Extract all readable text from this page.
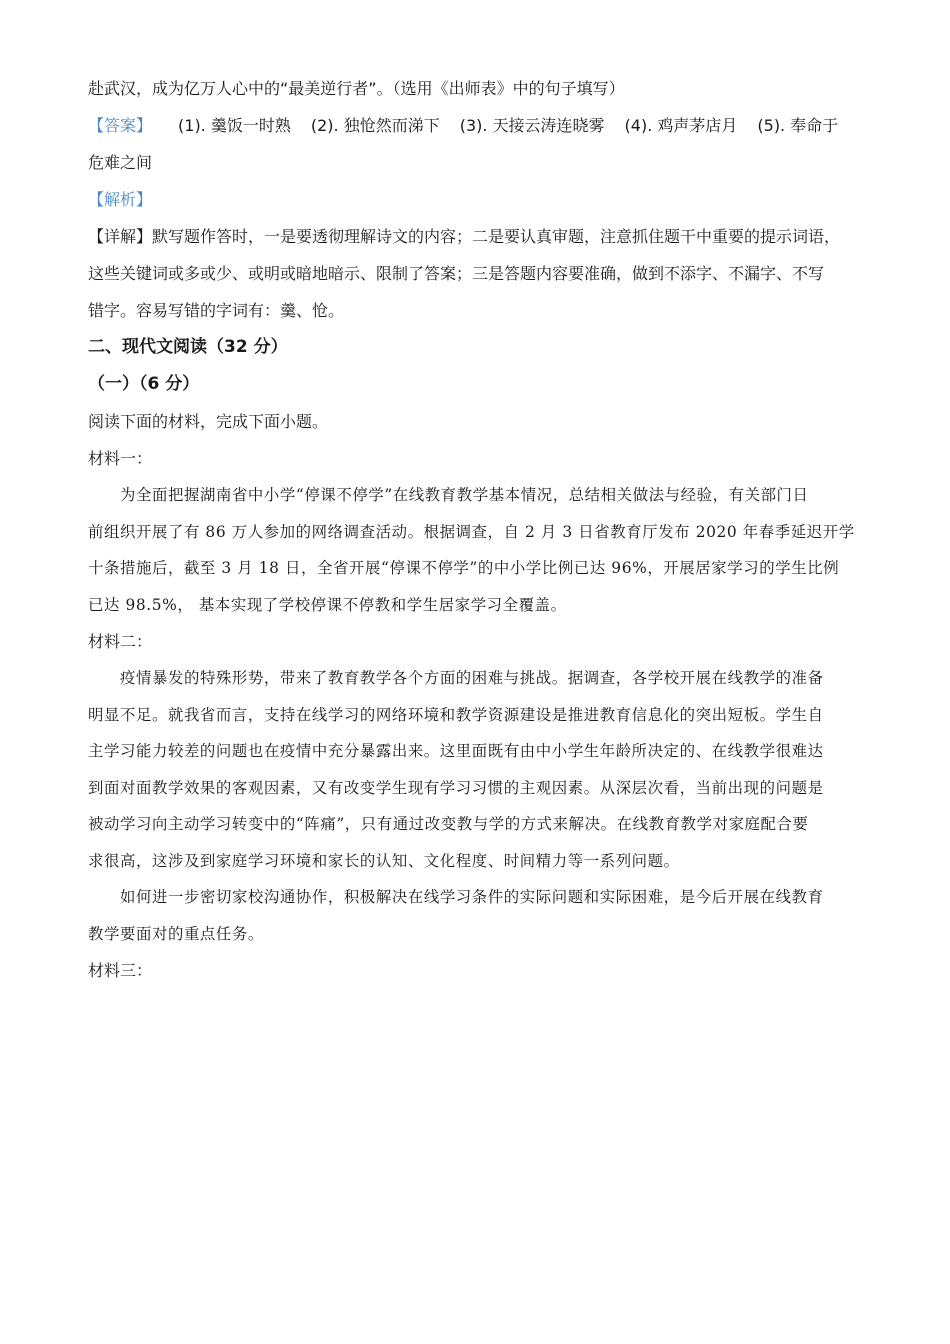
赴武汉，成为亿万人心中的“最美逆行者”。（选用《出师表》中的句子填写）
【答案】 (1). 羹饭一时熟 (2). 独怆然而涕下 (3). 天接云涛连晓雾 (4). 鸡声茅店月 (5). 奉命于
危难之间
【解析】
【详解】默写题作答时，一是要透彻理解诗文的内容；二是要认真审题，注意抓住题干中重要的提示词语，
这些关键词或多或少、或明或暗地暗示、限制了答案；三是答题内容要准确，做到不添字、不漏字、不写
错字。容易写错的字词有：羹、怆。
二、现代文阅读（32 分）
（一）（6 分）
阅读下面的材料，完成下面小题。
材料一：
为全面把握湖南省中小学“停课不停学”在线教育教学基本情况，总结相关做法与经验，有关部门日
前组织开展了有 86 万人参加的网络调查活动。根据调查，自 2 月 3 日省教育厅发布 2020 年春季延迟开学
十条措施后，截至 3 月 18 日，全省开展“停课不停学”的中小学比例已达 96%，开展居家学习的学生比例
已达 98.5%， 基本实现了学校停课不停教和学生居家学习全覆盖。
材料二：
疫情暴发的特殊形势，带来了教育教学各个方面的困难与挑战。据调查，各学校开展在线教学的准备
明显不足。就我省而言，支持在线学习的网络环境和教学资源建设是推进教育信息化的突出短板。学生自
主学习能力较差的问题也在疫情中充分暴露出来。这里面既有由中小学生年龄所决定的、在线教学很难达
到面对面教学效果的客观因素，又有改变学生现有学习习惯的主观因素。从深层次看，当前出现的问题是
被动学习向主动学习转变中的“阵痛”，只有通过改变教与学的方式来解决。在线教育教学对家庭配合要
求很高，这涉及到家庭学习环境和家长的认知、文化程度、时间精力等一系列问题。
如何进一步密切家校沟通协作，积极解决在线学习条件的实际问题和实际困难，是今后开展在线教育
教学要面对的重点任务。
材料三：
